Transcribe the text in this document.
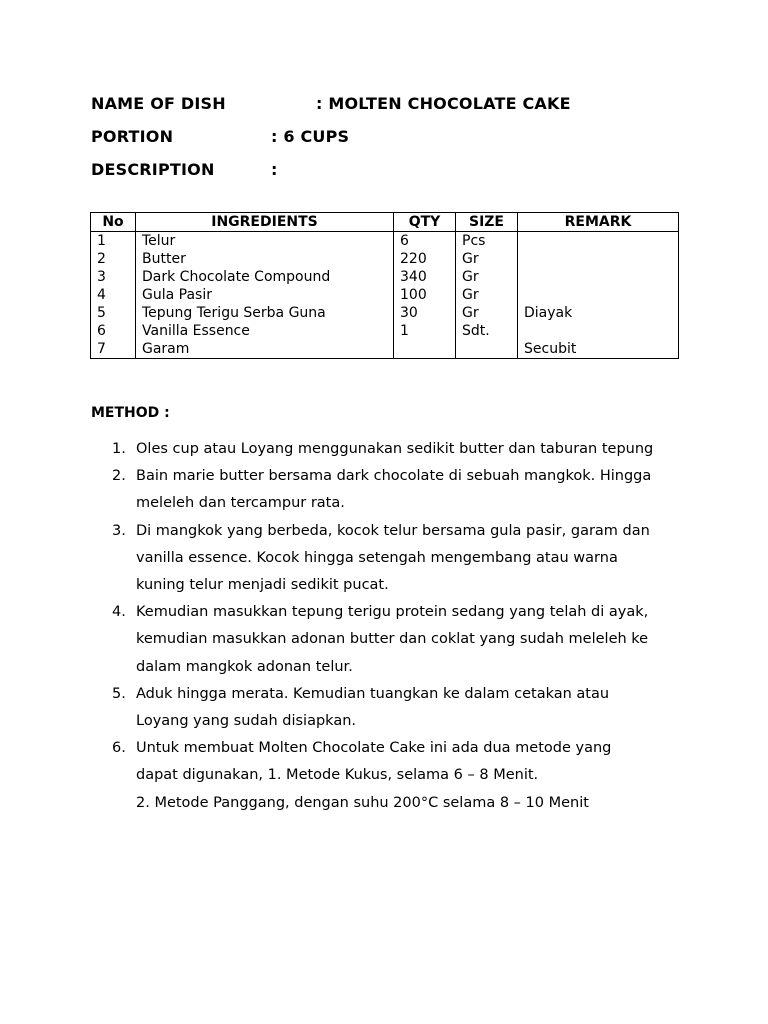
NAME OF DISH	: MOLTEN CHOCOLATE CAKE
PORTION	: 6 CUPS
DESCRIPTION	:
No	INGREDIENTS	QTY	SIZE	REMARK
1	Telur	6	Pcs	
2	Butter	220	Gr	
3	Dark Chocolate Compound	340	Gr	
4	Gula Pasir	100	Gr	
5	Tepung Terigu Serba Guna	30	Gr	Diayak
6	Vanilla Essence	1	Sdt.	
7	Garam			Secubit
METHOD :
1. Oles cup atau Loyang menggunakan sedikit butter dan taburan tepung
2. Bain marie butter bersama dark chocolate di sebuah mangkok. Hingga
meleleh dan tercampur rata.
3. Di mangkok yang berbeda, kocok telur bersama gula pasir, garam dan
vanilla essence. Kocok hingga setengah mengembang atau warna
kuning telur menjadi sedikit pucat.
4. Kemudian masukkan tepung terigu protein sedang yang telah di ayak,
kemudian masukkan adonan butter dan coklat yang sudah meleleh ke
dalam mangkok adonan telur.
5. Aduk hingga merata. Kemudian tuangkan ke dalam cetakan atau
Loyang yang sudah disiapkan.
6. Untuk membuat Molten Chocolate Cake ini ada dua metode yang
dapat digunakan, 1. Metode Kukus, selama 6 – 8 Menit.
2. Metode Panggang, dengan suhu 200°C selama 8 – 10 Menit
